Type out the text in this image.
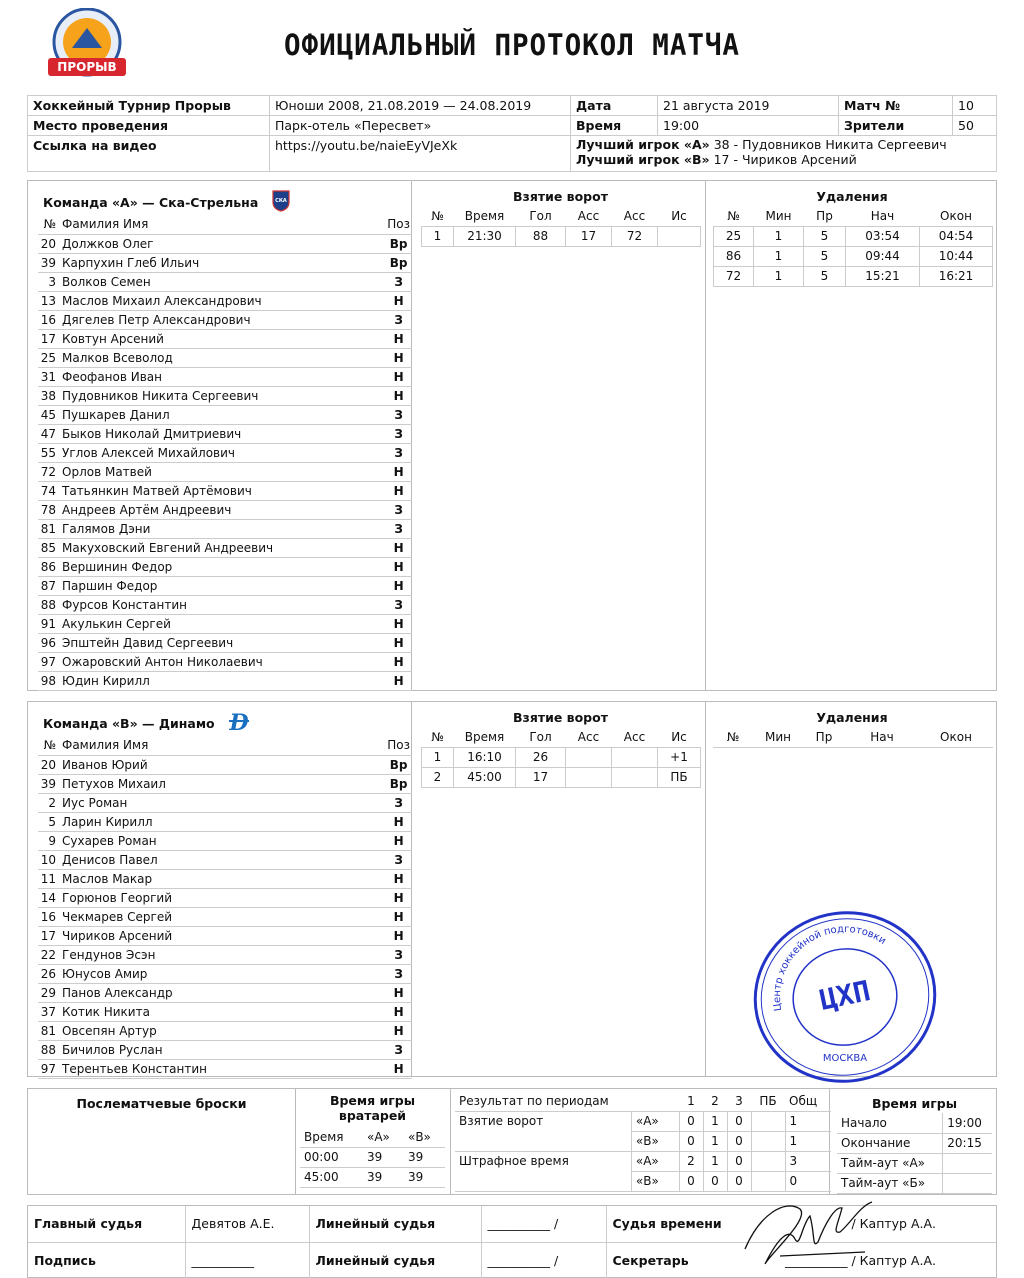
ПРОРЫВ
ОФИЦИАЛЬНЫЙ ПРОТОКОЛ МАТЧА
Хоккейный Турнир Прорыв	Юноши 2008, 21.08.2019 — 24.08.2019	Дата	21 августа 2019	Матч №	10
Место проведения	Парк-отель «Пересвет»	Время	19:00	Зрители	50
Ссылка на видео	https://youtu.be/naieEyVJeXk	Лучший игрок «А» 38 - Пудовников Никита Сергеевич
Лучший игрок «B» 17 - Чириков Арсений			
Команда «А» — Ска-Стрельна	СКА
№	Фамилия Имя	Поз
20	Должков Олег	Вр
39	Карпухин Глеб Ильич	Вр
3	Волков Семен	З
13	Маслов Михаил Александрович	Н
16	Дягелев Петр Александрович	З
17	Ковтун Арсений	Н
25	Малков Всеволод	Н
31	Феофанов Иван	Н
38	Пудовников Никита Сергеевич	Н
45	Пушкарев Данил	З
47	Быков Николай Дмитриевич	З
55	Углов Алексей Михайлович	З
72	Орлов Матвей	Н
74	Татьянкин Матвей Артёмович	Н
78	Андреев Артём Андреевич	З
81	Галямов Дэни	З
85	Макуховский Евгений Андреевич	Н
86	Вершинин Федор	Н
87	Паршин Федор	Н
88	Фурсов Константин	З
91	Акулькин Сергей	Н
96	Эпштейн Давид Сергеевич	Н
97	Ожаровский Антон Николаевич	Н
98	Юдин Кирилл	Н
Взятие ворот
№	Время	Гол	Асс	Асс	Ис
1	21:30	88	17	72	
Удаления
№	Мин	Пр	Нач	Окон
25	1	5	03:54	04:54
86	1	5	09:44	10:44
72	1	5	15:21	16:21
Команда «B» — Динамо D
№	Фамилия Имя	Поз
20	Иванов Юрий	Вр
39	Петухов Михаил	Вр
2	Иус Роман	З
5	Ларин Кирилл	Н
9	Сухарев Роман	Н
10	Денисов Павел	З
11	Маслов Макар	Н
14	Горюнов Георгий	Н
16	Чекмарев Сергей	Н
17	Чириков Арсений	Н
22	Гендунов Эсэн	З
26	Юнусов Амир	З
29	Панов Александр	Н
37	Котик Никита	Н
81	Овсепян Артур	Н
88	Бичилов Руслан	З
97	Терентьев Константин	Н
Взятие ворот
№	Время	Гол	Асс	Асс	Ис
1	16:10	26			+1
2	45:00	17			ПБ
Удаления
№	Мин	Пр	Нач	Окон
Центр хоккейной подготовки
ЦХП
МОСКВА
Послематчевые броски	Время игры вратарей
Время	«А»	«В»
00:00	39	39
45:00	39	39
Результат по периодам		1	2	3	ПБ	Общ
Взятие ворот	«А»	0	1	0		1
	«В»	0	1	0		1
Штрафное время	«А»	2	1	0		3
	«В»	0	0	0		0
Время игры
Начало	19:00
Окончание	20:15
Тайм-аут «А»	
Тайм-аут «Б»	
Главный судья	Девятов А.Е.	Линейный судья	__________ /	Судья времени	/ Каптур А.А.
Подпись	__________	Линейный судья	__________ /	Секретарь	__________ / Каптур А.А.
